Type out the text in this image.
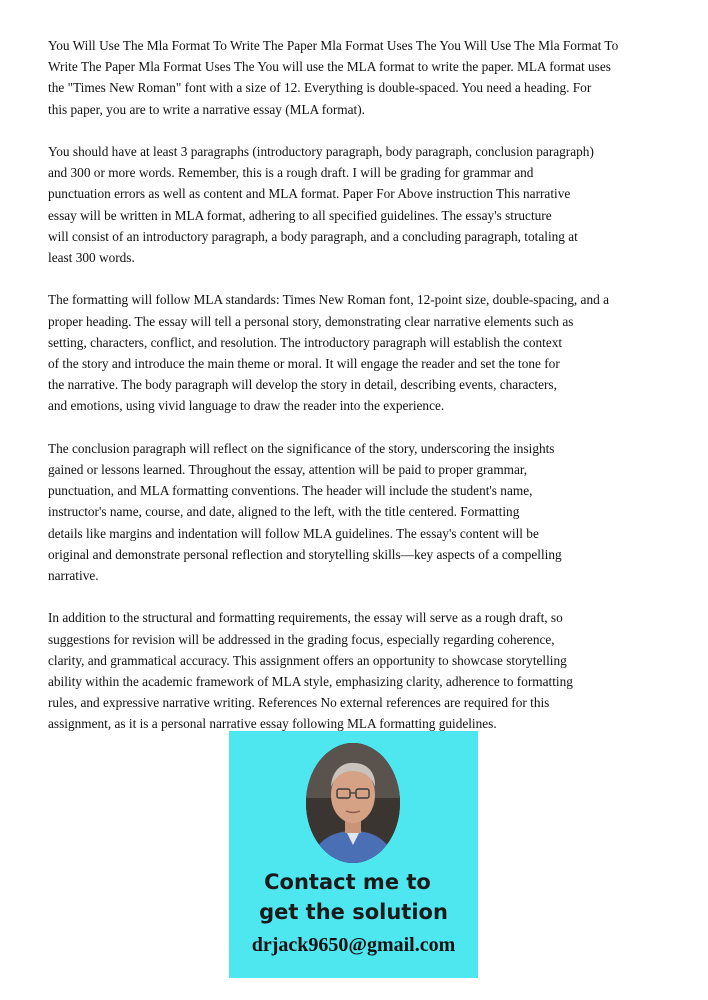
You Will Use The Mla Format To Write The Paper Mla Format Uses The You Will Use The Mla Format To
Write The Paper Mla Format Uses The You will use the MLA format to write the paper. MLA format uses
the "Times New Roman" font with a size of 12. Everything is double-spaced. You need a heading. For
this paper, you are to write a narrative essay (MLA format).

You should have at least 3 paragraphs (introductory paragraph, body paragraph, conclusion paragraph)
and 300 or more words. Remember, this is a rough draft. I will be grading for grammar and
punctuation errors as well as content and MLA format. Paper For Above instruction This narrative
essay will be written in MLA format, adhering to all specified guidelines. The essay's structure
will consist of an introductory paragraph, a body paragraph, and a concluding paragraph, totaling at
least 300 words.

The formatting will follow MLA standards: Times New Roman font, 12-point size, double-spacing, and a
proper heading. The essay will tell a personal story, demonstrating clear narrative elements such as
setting, characters, conflict, and resolution. The introductory paragraph will establish the context
of the story and introduce the main theme or moral. It will engage the reader and set the tone for
the narrative. The body paragraph will develop the story in detail, describing events, characters,
and emotions, using vivid language to draw the reader into the experience.

The conclusion paragraph will reflect on the significance of the story, underscoring the insights
gained or lessons learned. Throughout the essay, attention will be paid to proper grammar,
punctuation, and MLA formatting conventions. The header will include the student's name,
instructor's name, course, and date, aligned to the left, with the title centered. Formatting
details like margins and indentation will follow MLA guidelines. The essay's content will be
original and demonstrate personal reflection and storytelling skills—key aspects of a compelling
narrative.

In addition to the structural and formatting requirements, the essay will serve as a rough draft, so
suggestions for revision will be addressed in the grading focus, especially regarding coherence,
clarity, and grammatical accuracy. This assignment offers an opportunity to showcase storytelling
ability within the academic framework of MLA style, emphasizing clarity, adherence to formatting
rules, and expressive narrative writing. References No external references are required for this
assignment, as it is a personal narrative essay following MLA formatting guidelines.

Contact me to
get the solution
drjack9650@gmail.com
